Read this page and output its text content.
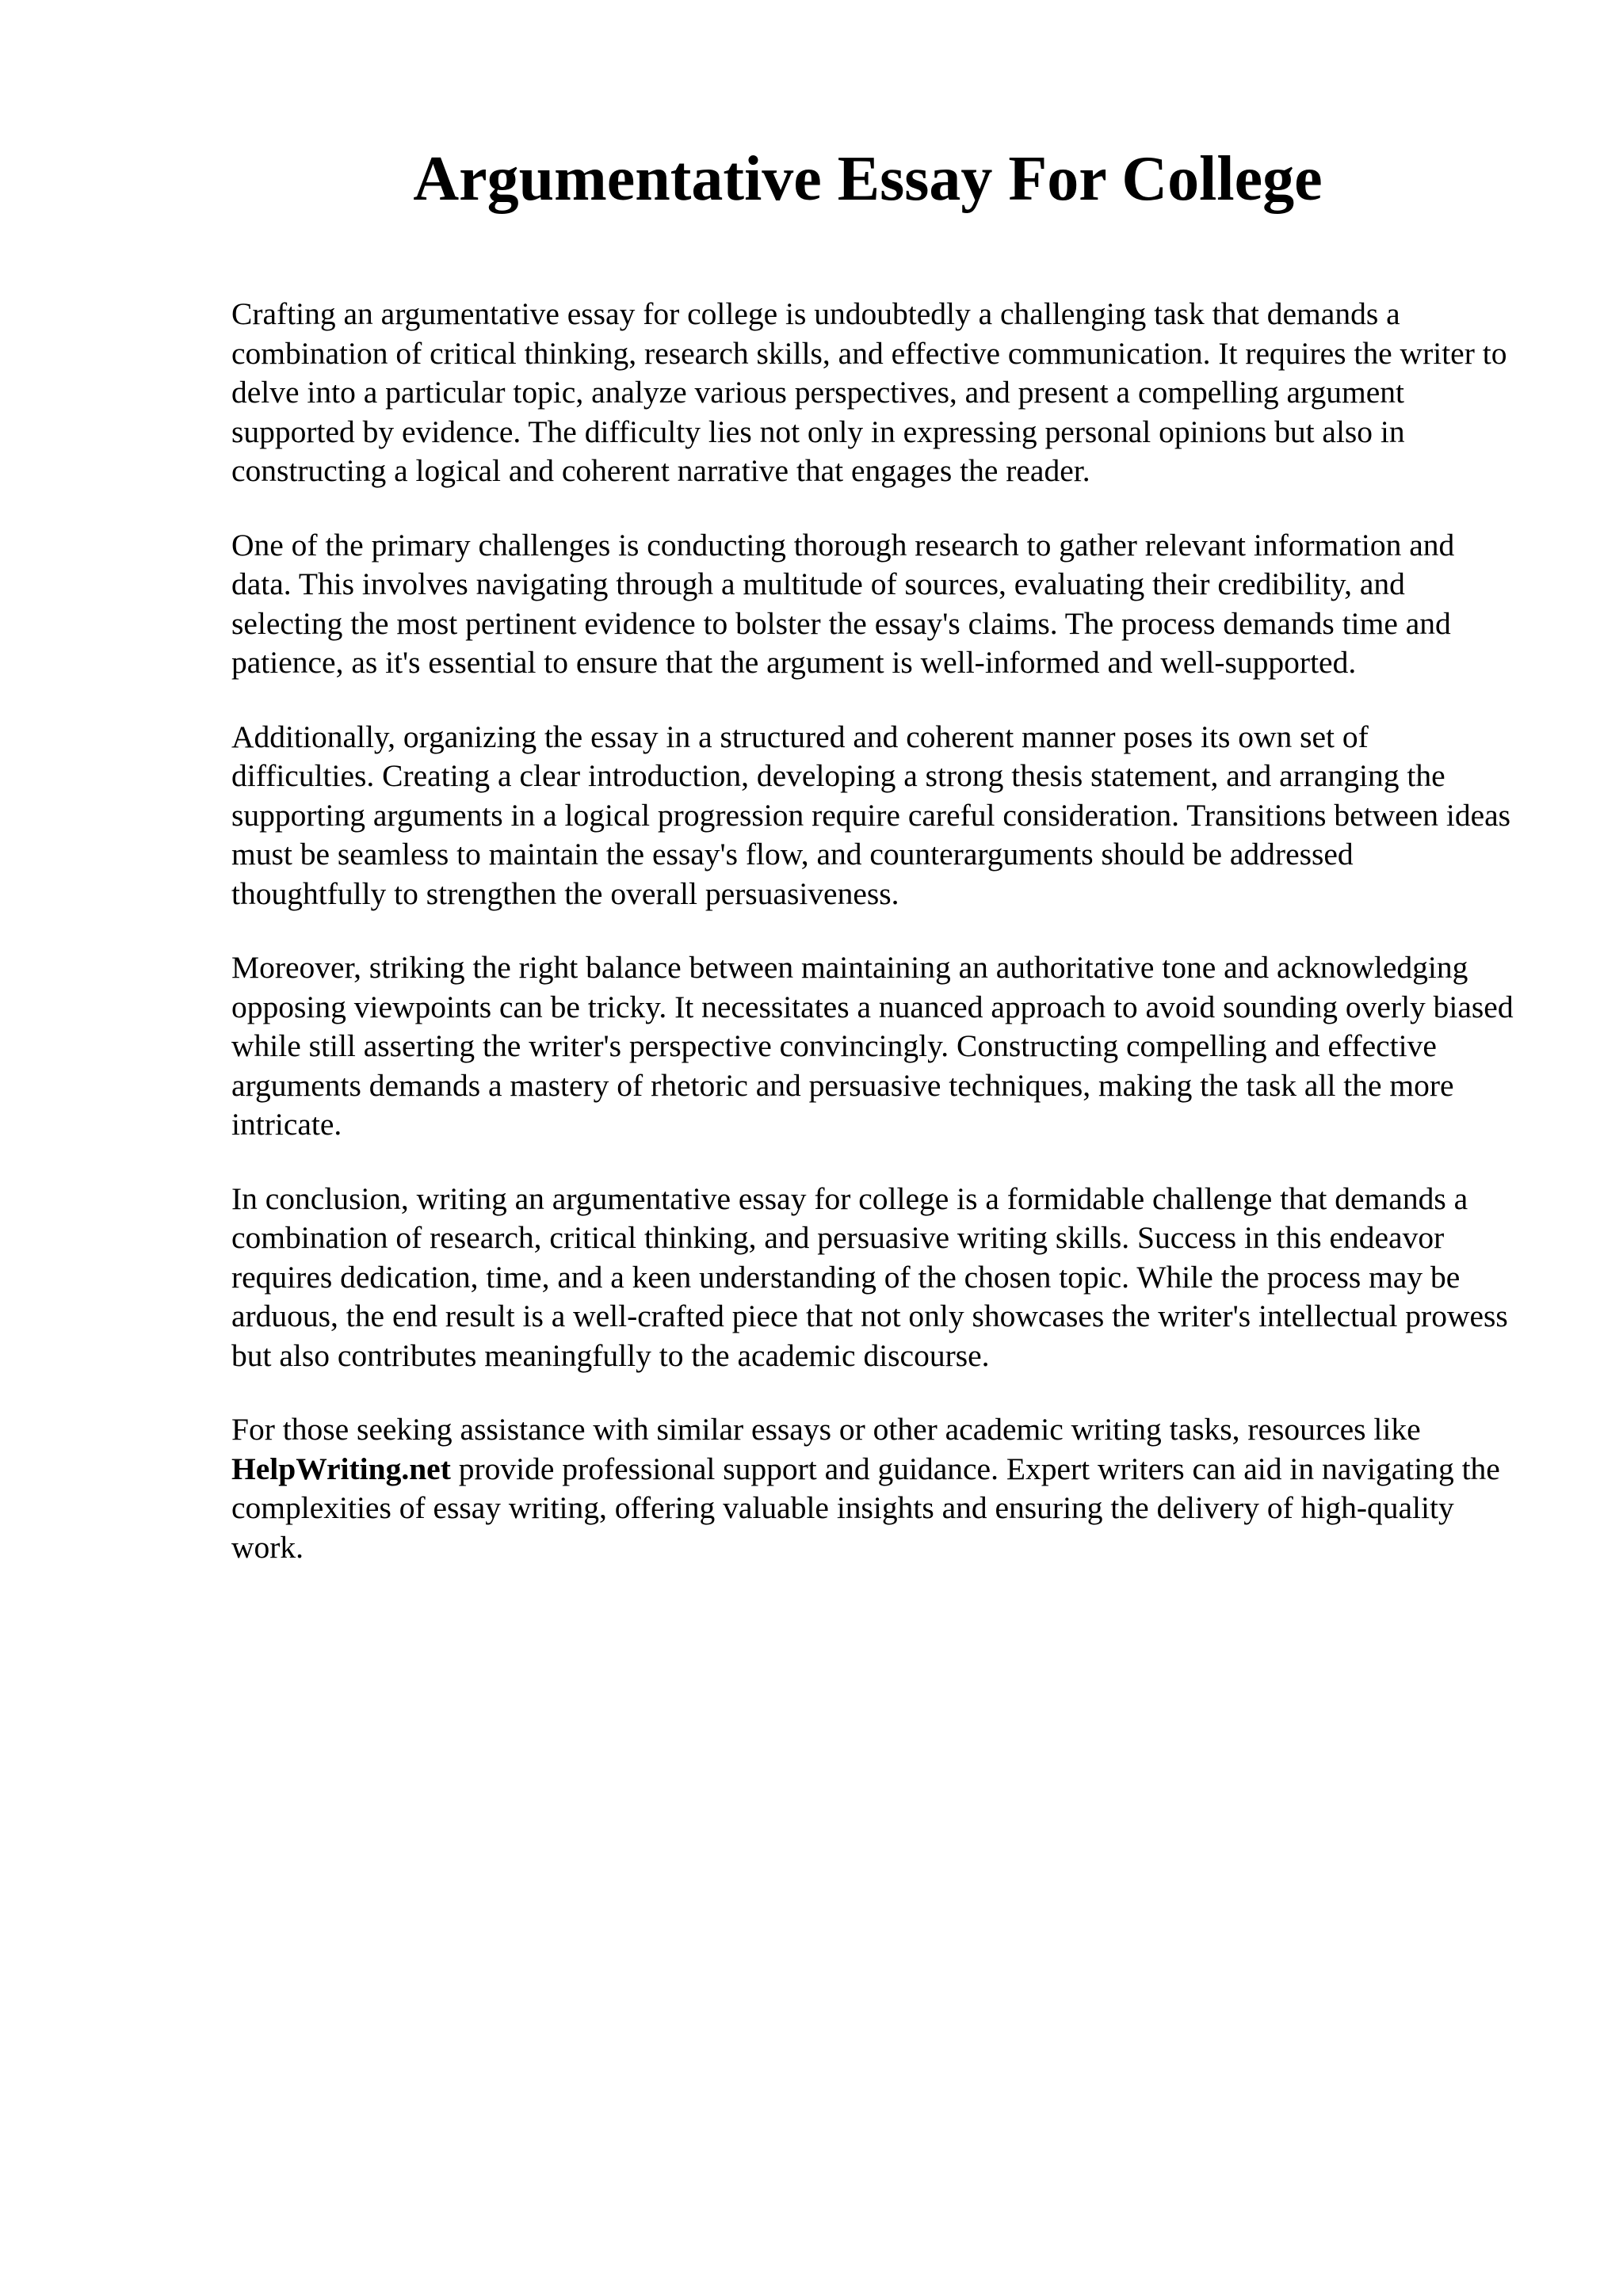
Argumentative Essay For College

Crafting an argumentative essay for college is undoubtedly a challenging task that demands a combination of critical thinking, research skills, and effective communication. It requires the writer to delve into a particular topic, analyze various perspectives, and present a compelling argument supported by evidence. The difficulty lies not only in expressing personal opinions but also in constructing a logical and coherent narrative that engages the reader.

One of the primary challenges is conducting thorough research to gather relevant information and data. This involves navigating through a multitude of sources, evaluating their credibility, and selecting the most pertinent evidence to bolster the essay's claims. The process demands time and patience, as it's essential to ensure that the argument is well-informed and well-supported.

Additionally, organizing the essay in a structured and coherent manner poses its own set of difficulties. Creating a clear introduction, developing a strong thesis statement, and arranging the supporting arguments in a logical progression require careful consideration. Transitions between ideas must be seamless to maintain the essay's flow, and counterarguments should be addressed thoughtfully to strengthen the overall persuasiveness.

Moreover, striking the right balance between maintaining an authoritative tone and acknowledging opposing viewpoints can be tricky. It necessitates a nuanced approach to avoid sounding overly biased while still asserting the writer's perspective convincingly. Constructing compelling and effective arguments demands a mastery of rhetoric and persuasive techniques, making the task all the more intricate.

In conclusion, writing an argumentative essay for college is a formidable challenge that demands a combination of research, critical thinking, and persuasive writing skills. Success in this endeavor requires dedication, time, and a keen understanding of the chosen topic. While the process may be arduous, the end result is a well-crafted piece that not only showcases the writer's intellectual prowess but also contributes meaningfully to the academic discourse.

For those seeking assistance with similar essays or other academic writing tasks, resources like HelpWriting.net provide professional support and guidance. Expert writers can aid in navigating the complexities of essay writing, offering valuable insights and ensuring the delivery of high-quality work.
